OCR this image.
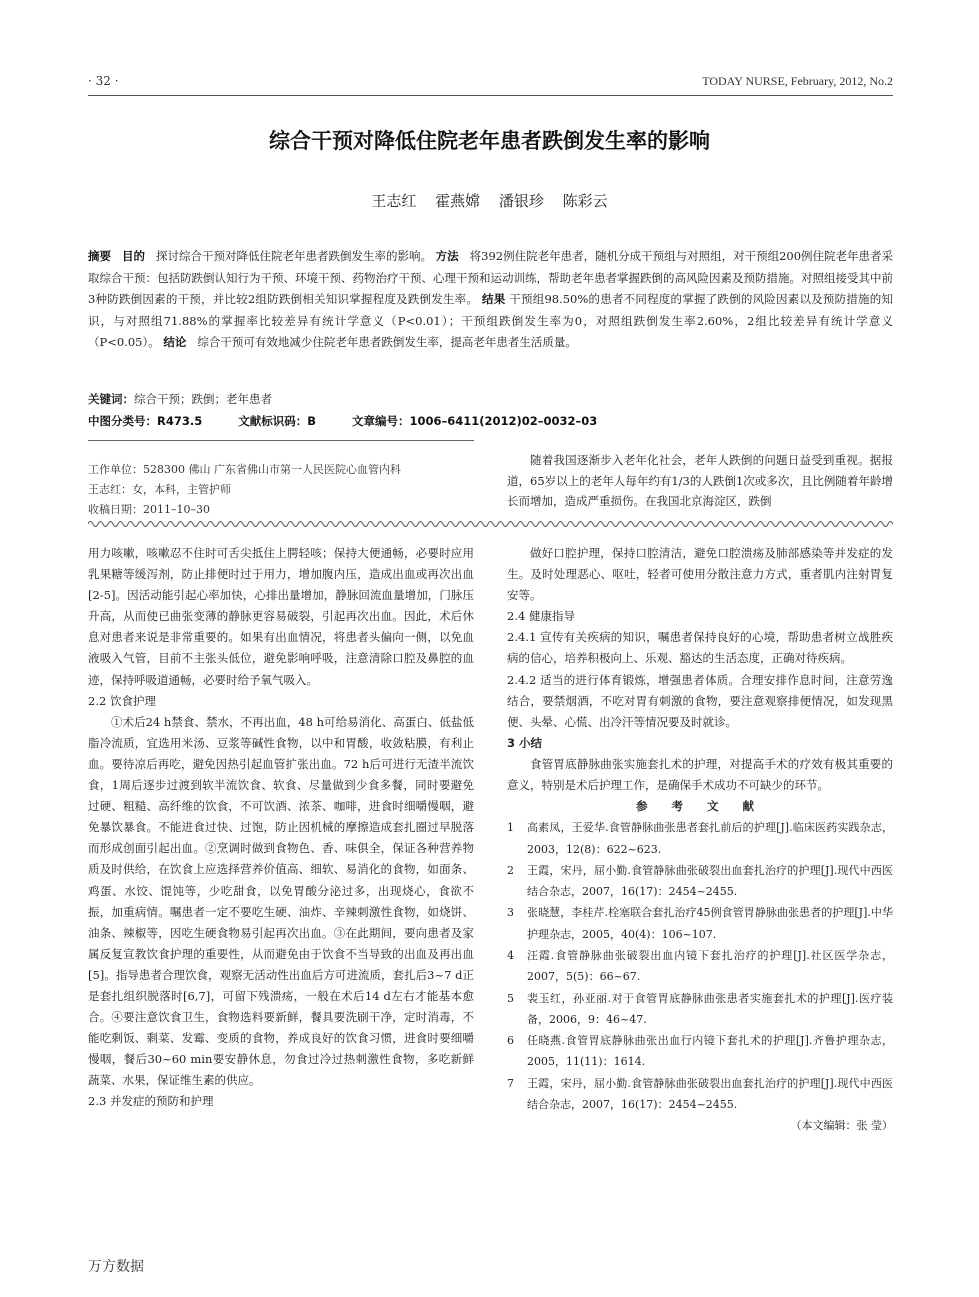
· 32 ·	TODAY NURSE, February, 2012, No.2
综合干预对降低住院老年患者跌倒发生率的影响
王志红 霍燕嫦 潘银珍 陈彩云
摘要 目的 探讨综合干预对降低住院老年患者跌倒发生率的影响。 方法 将392例住院老年患者，随机分成干预组与对照组，对干预组200例住院老年患者采取综合干预：包括防跌倒认知行为干预、环境干预、药物治疗干预、心理干预和运动训练，帮助老年患者掌握跌倒的高风险因素及预防措施。对照组接受其中前3种防跌倒因素的干预，并比较2组防跌倒相关知识掌握程度及跌倒发生率。 结果 干预组98.50%的患者不同程度的掌握了跌倒的风险因素以及预防措施的知识，与对照组71.88%的掌握率比较差异有统计学意义（P<0.01）；干预组跌倒发生率为0，对照组跌倒发生率2.60%，2组比较差异有统计学意义（P<0.05）。 结论 综合干预可有效地减少住院老年患者跌倒发生率，提高老年患者生活质量。
关键词：综合干预；跌倒；老年患者
中图分类号：R473.5	文献标识码：B	文章编号：1006–6411(2012)02–0032–03
工作单位：528300 佛山 广东省佛山市第一人民医院心血管内科
王志红：女，本科，主管护师
收稿日期：2011–10–30

随着我国逐渐步入老年化社会，老年人跌倒的问题日益受到重视。据报道，65岁以上的老年人每年约有1/3的人跌倒1次或多次，且比例随着年龄增长而增加，造成严重损伤。在我国北京海淀区，跌倒

用力咳嗽，咳嗽忍不住时可舌尖抵住上腭轻咳；保持大便通畅，必要时应用乳果糖等缓泻剂，防止排便时过于用力，增加腹内压，造成出血或再次出血[2-5]。因活动能引起心率加快，心排出量增加，静脉回流血量增加，门脉压升高，从而使已曲张变薄的静脉更容易破裂，引起再次出血。因此，术后休息对患者来说是非常重要的。如果有出血情况，将患者头偏向一侧，以免血液吸入气管，目前不主张头低位，避免影响呼吸，注意清除口腔及鼻腔的血迹，保持呼吸道通畅，必要时给予氧气吸入。

2.2 饮食护理

①术后24 h禁食、禁水，不再出血，48 h可给易消化、高蛋白、低盐低脂冷流质，宜选用米汤、豆浆等碱性食物，以中和胃酸，收敛粘膜，有利止血。要待凉后再吃，避免因热引起血管扩张出血。72 h后可进行无渣半流饮食，1周后逐步过渡到软半流饮食、软食、尽量做到少食多餐，同时要避免过硬、粗糙、高纤维的饮食，不可饮酒、浓茶、咖啡，进食时细嚼慢咽，避免暴饮暴食。不能进食过快、过饱，防止因机械的摩擦造成套扎圈过早脱落而形成创面引起出血。②烹调时做到食物色、香、味俱全，保证各种营养物质及时供给，在饮食上应选择营养价值高、细软、易消化的食物，如面条、鸡蛋、水饺、馄饨等，少吃甜食，以免胃酸分泌过多，出现烧心，食欲不振，加重病情。嘱患者一定不要吃生硬、油炸、辛辣刺激性食物，如烧饼、油条、辣椒等，因吃生硬食物易引起再次出血。③在此期间，要向患者及家属反复宣教饮食护理的重要性，从而避免由于饮食不当导致的出血及再出血[5]。指导患者合理饮食，观察无活动性出血后方可进流质，套扎后3~7 d正是套扎组织脱落时[6,7]，可留下残溃疡，一般在术后14 d左右才能基本愈合。④要注意饮食卫生，食物选料要新鲜，餐具要洗刷干净，定时消毒，不能吃剩饭、剩菜、发霉、变质的食物，养成良好的饮食习惯，进食时要细嚼慢咽，餐后30~60 min要安静休息，勿食过冷过热刺激性食物，多吃新鲜蔬菜、水果，保证维生素的供应。

2.3 并发症的预防和护理

做好口腔护理，保持口腔清洁，避免口腔溃疡及肺部感染等并发症的发生。及时处理恶心、呕吐，轻者可使用分散注意力方式，重者肌内注射胃复安等。

2.4 健康指导

2.4.1 宣传有关疾病的知识，嘱患者保持良好的心境，帮助患者树立战胜疾病的信心，培养积极向上、乐观、豁达的生活态度，正确对待疾病。

2.4.2 适当的进行体育锻炼，增强患者体质。合理安排作息时间，注意劳逸结合，要禁烟酒，不吃对胃有刺激的食物，要注意观察排便情况，如发现黑便、头晕、心慌、出冷汗等情况要及时就诊。

3 小结

食管胃底静脉曲张实施套扎术的护理，对提高手术的疗效有极其重要的意义，特别是术后护理工作，是确保手术成功不可缺少的环节。

参 考 文 献

1	高素凤，王爱华.食管静脉曲张患者套扎前后的护理[J].临床医药实践杂志，2003，12(8)：622~623.
2	王霞，宋丹，屈小勤.食管静脉曲张破裂出血套扎治疗的护理[J].现代中西医结合杂志，2007，16(17)：2454~2455.
3	张晓慧，李桂芹.栓塞联合套扎治疗45例食管胃静脉曲张患者的护理[J].中华护理杂志，2005，40(4)：106~107.
4	汪霞.食管静脉曲张破裂出血内镜下套扎治疗的护理[J].社区医学杂志，2007，5(5)：66~67.
5	裴玉红，孙亚丽.对于食管胃底静脉曲张患者实施套扎术的护理[J].医疗装备，2006，9：46~47.
6	任晓燕.食管胃底静脉曲张出血行内镜下套扎术的护理[J].齐鲁护理杂志，2005，11(11)：1614.
7	王霞，宋丹，屈小勤.食管静脉曲张破裂出血套扎治疗的护理[J].现代中西医结合杂志，2007，16(17)：2454~2455.
（本文编辑：张 莹）
万方数据
